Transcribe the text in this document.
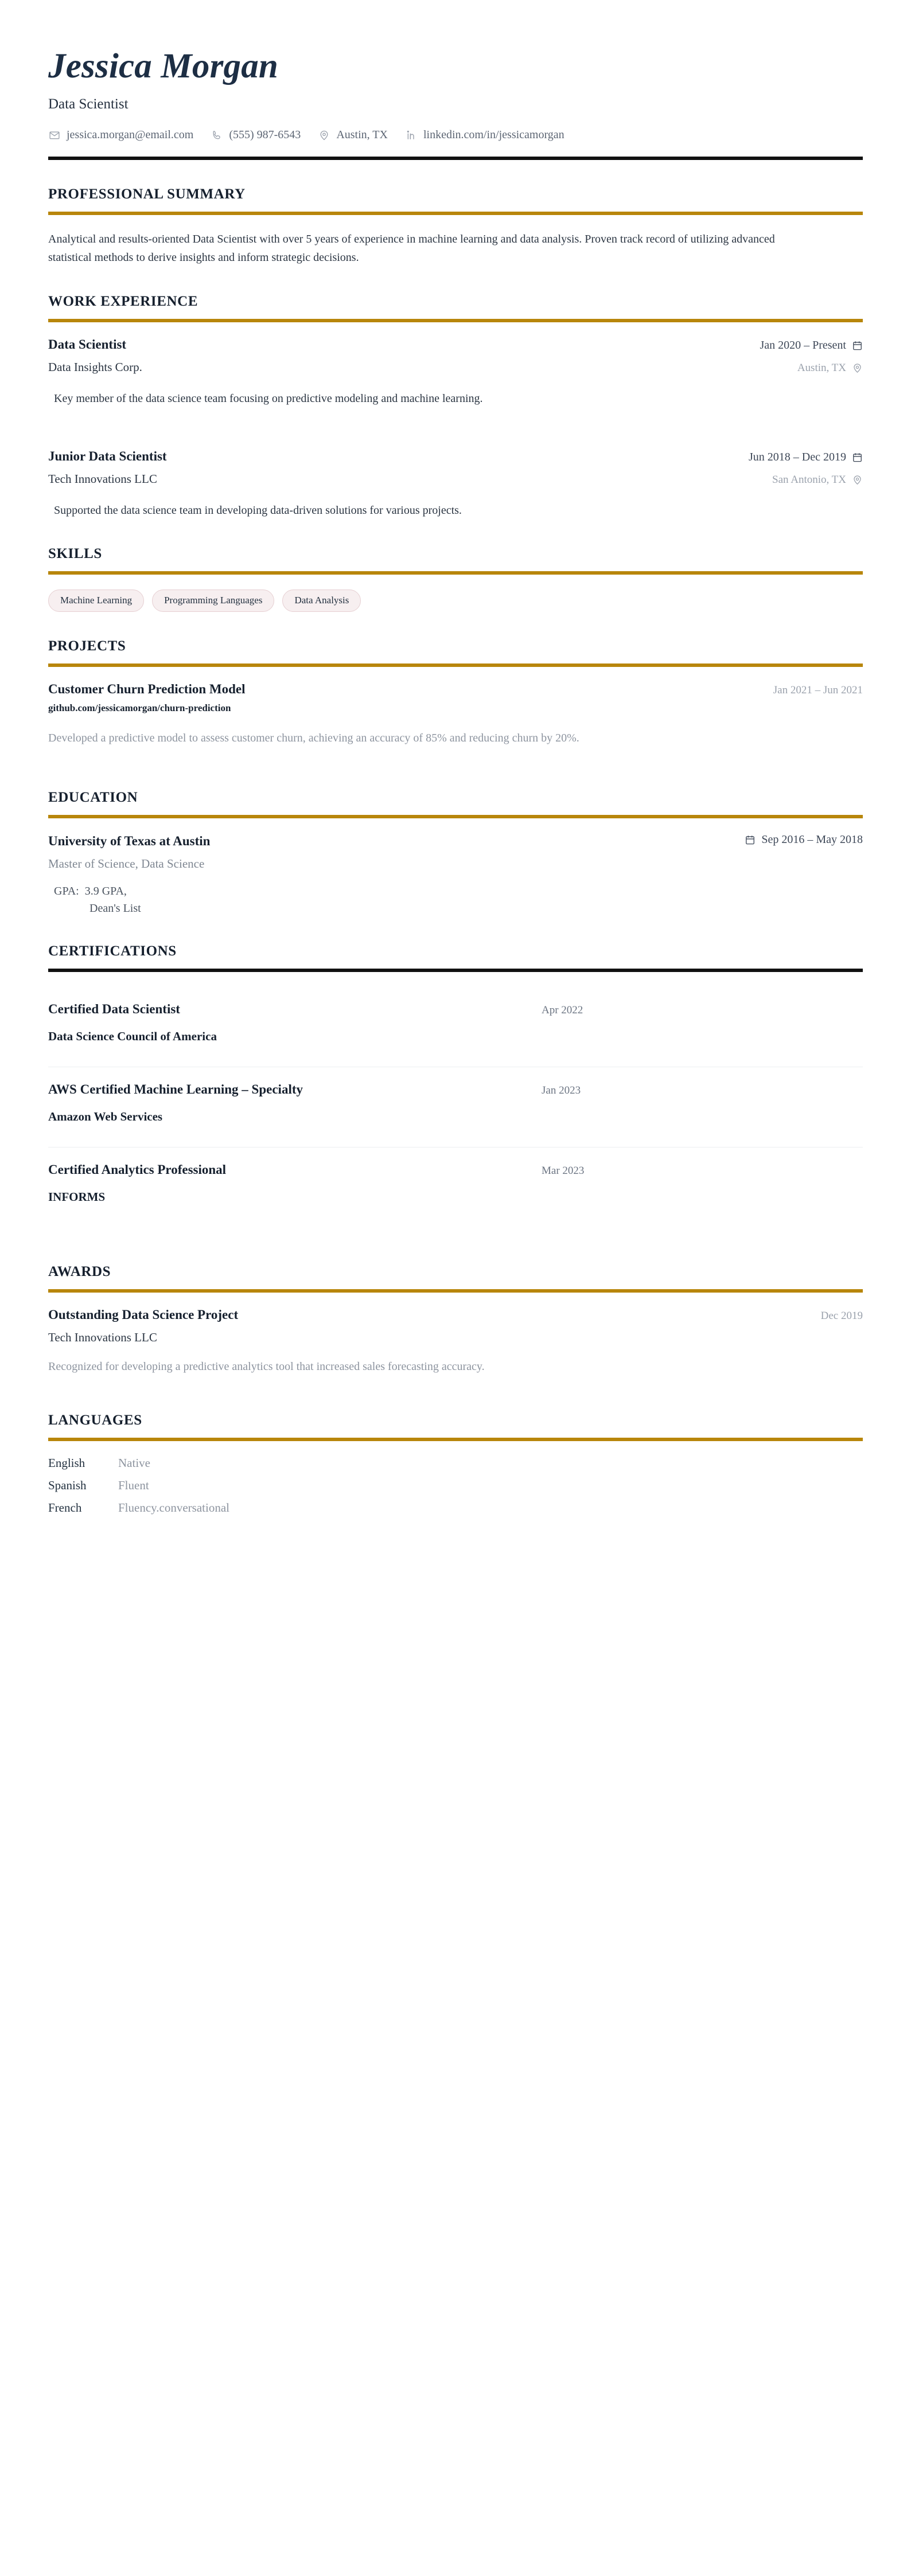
Jessica Morgan
Data Scientist
jessica.morgan@email.com	(555) 987-6543	Austin, TX	linkedin.com/in/jessicamorgan
PROFESSIONAL SUMMARY
Analytical and results-oriented Data Scientist with over 5 years of experience in machine learning and data analysis. Proven track record of utilizing advanced statistical methods to derive insights and inform strategic decisions.
WORK EXPERIENCE
Data Scientist	Jan 2020 – Present
Data Insights Corp.	Austin, TX
Key member of the data science team focusing on predictive modeling and machine learning.
Junior Data Scientist	Jun 2018 – Dec 2019
Tech Innovations LLC	San Antonio, TX
Supported the data science team in developing data-driven solutions for various projects.
SKILLS
Machine Learning	Programming Languages	Data Analysis
PROJECTS
Customer Churn Prediction Model	Jan 2021 – Jun 2021
github.com/jessicamorgan/churn-prediction
Developed a predictive model to assess customer churn, achieving an accuracy of 85% and reducing churn by 20%.
EDUCATION
University of Texas at Austin	Sep 2016 – May 2018
Master of Science, Data Science
GPA:  3.9 GPA,
Dean's List
CERTIFICATIONS
Certified Data Scientist	Apr 2022
Data Science Council of America
AWS Certified Machine Learning – Specialty	Jan 2023
Amazon Web Services
Certified Analytics Professional	Mar 2023
INFORMS
AWARDS
Outstanding Data Science Project	Dec 2019
Tech Innovations LLC
Recognized for developing a predictive analytics tool that increased sales forecasting accuracy.
LANGUAGES
English	Native
Spanish	Fluent
French	Fluency.conversational
